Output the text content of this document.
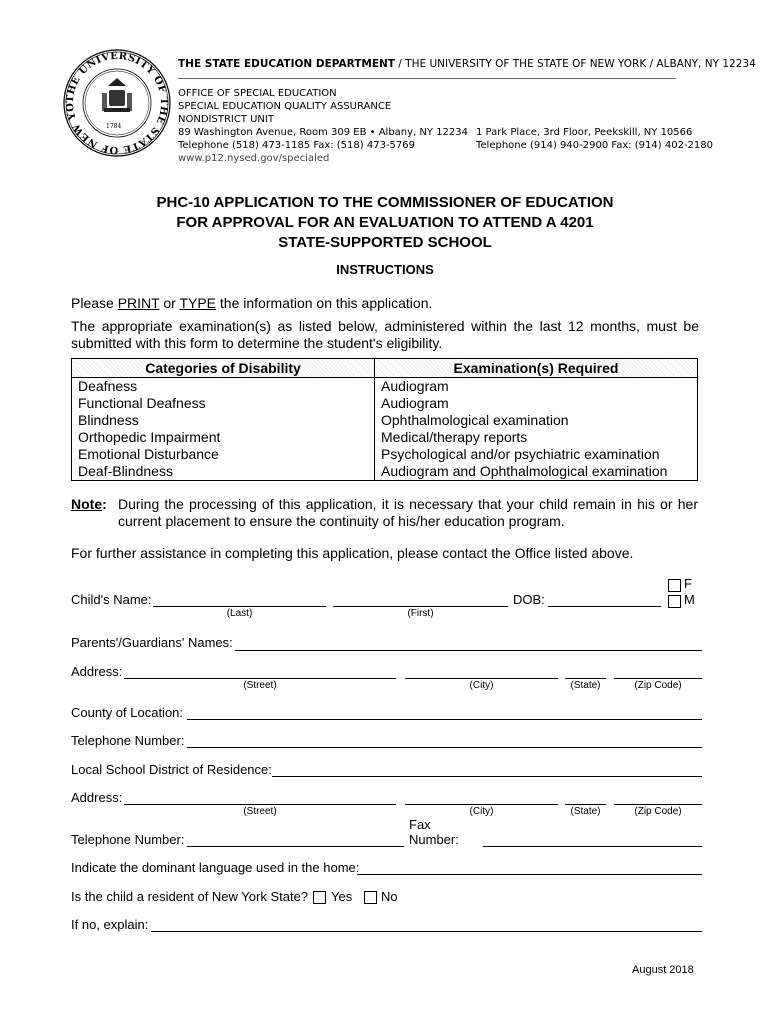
THE UNIVERSITY OF THE STATE OF NEW YO
1784
THE STATE EDUCATION DEPARTMENT / THE UNIVERSITY OF THE STATE OF NEW YORK / ALBANY, NY 12234
OFFICE OF SPECIAL EDUCATION
SPECIAL EDUCATION QUALITY ASSURANCE
NONDISTRICT UNIT
89 Washington Avenue, Room 309 EB • Albany, NY 12234
Telephone (518) 473-1185 Fax: (518) 473-5769
www.p12.nysed.gov/specialed
1 Park Place, 3rd Floor, Peekskill, NY 10566
Telephone (914) 940-2900 Fax: (914) 402-2180
PHC-10 APPLICATION TO THE COMMISSIONER OF EDUCATION
FOR APPROVAL FOR AN EVALUATION TO ATTEND A 4201
STATE-SUPPORTED SCHOOL
INSTRUCTIONS
Please PRINT or TYPE the information on this application.
The appropriate examination(s) as listed below, administered within the last 12 months, must be submitted with this form to determine the student's eligibility.
Categories of Disability	Examination(s) Required
Deafness	Audiogram
Functional Deafness	Audiogram
Blindness	Ophthalmological examination
Orthopedic Impairment	Medical/therapy reports
Emotional Disturbance	Psychological and/or psychiatric examination
Deaf-Blindness	Audiogram and Ophthalmological examination
Note: During the processing of this application, it is necessary that your child remain in his or her
current placement to ensure the continuity of his/her education program.
For further assistance in completing this application, please contact the Office listed above.
Child's Name:
(Last)	(First)
DOB:
F
M
Parents'/Guardians' Names:
Address:
(Street)	(City)	(State)	(Zip Code)
County of Location:
Telephone Number:
Local School District of Residence:
Address:
(Street)	(City)	(State)	(Zip Code)
Telephone Number:
Fax
Number:
Indicate the dominant language used in the home:
Is the child a resident of New York State? Yes No
If no, explain:
August 2018
